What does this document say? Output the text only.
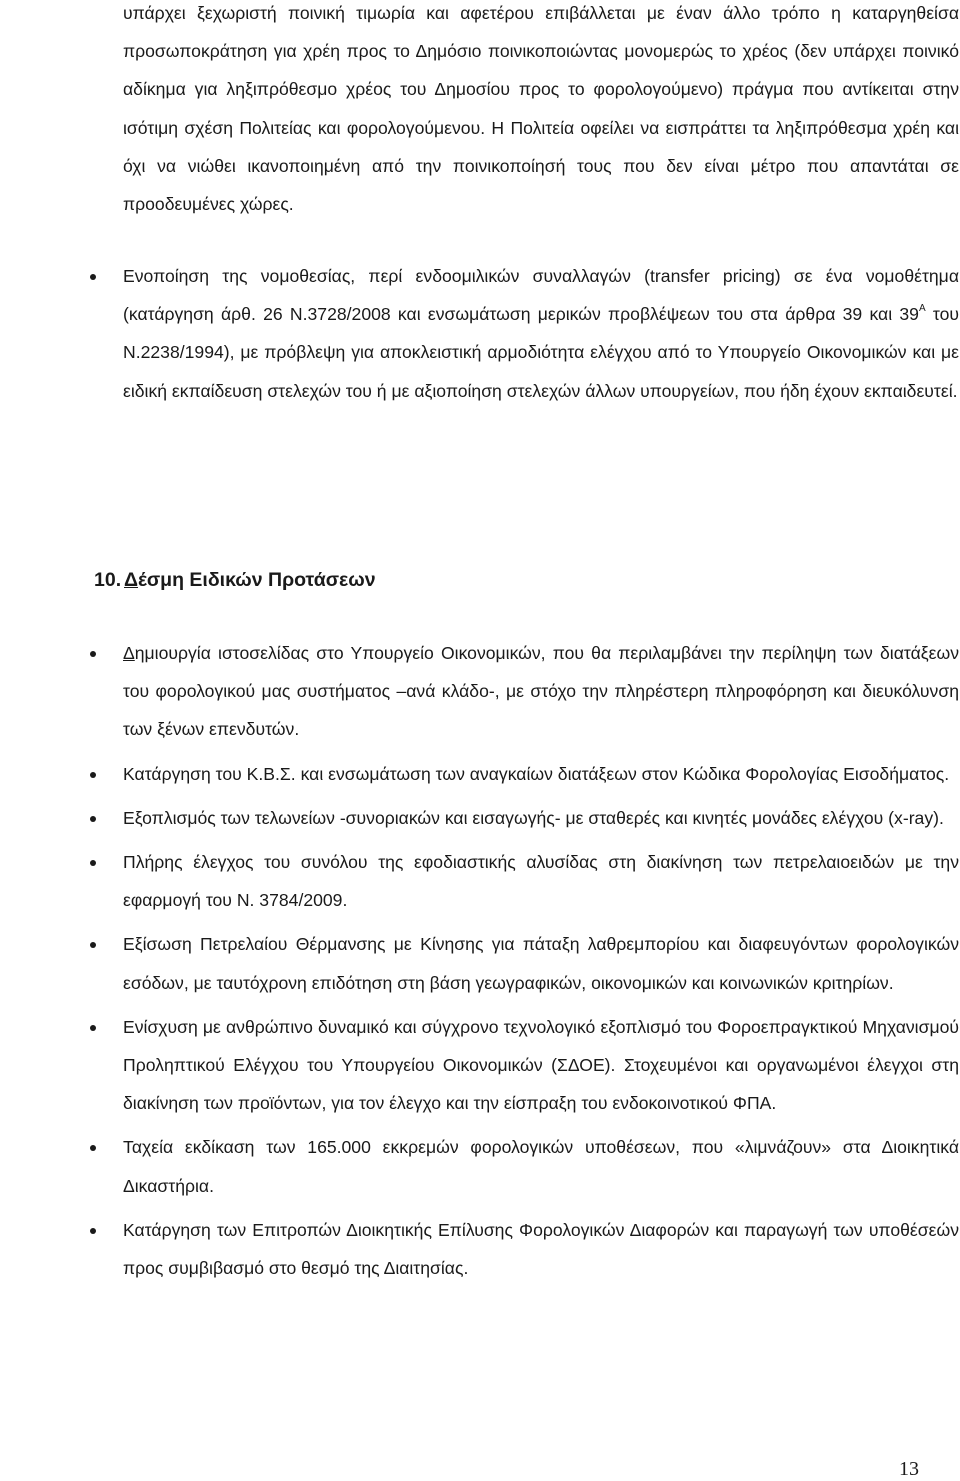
υπάρχει ξεχωριστή ποινική τιμωρία και αφετέρου επιβάλλεται με έναν άλλο τρόπο η καταργηθείσα προσωποκράτηση για χρέη προς το Δημόσιο ποινικοποιώντας μονομερώς το χρέος (δεν υπάρχει ποινικό αδίκημα για ληξιπρόθεσμο χρέος του Δημοσίου προς το φορολογούμενο) πράγμα που αντίκειται στην ισότιμη σχέση Πολιτείας και φορολογούμενου. Η Πολιτεία οφείλει να εισπράττει τα ληξιπρόθεσμα χρέη και όχι να νιώθει ικανοποιημένη από την ποινικοποίησή τους που δεν είναι μέτρο που απαντάται σε προοδευμένες χώρες.
Ενοποίηση της νομοθεσίας, περί ενδοομιλικών συναλλαγών (transfer pricing) σε ένα νομοθέτημα (κατάργηση άρθ. 26 Ν.3728/2008 και ενσωμάτωση μερικών προβλέψεων του στα άρθρα 39 και $39^A$ του Ν.2238/1994), με πρόβλεψη για αποκλειστική αρμοδιότητα ελέγχου από το Υπουργείο Οικονομικών και με ειδική εκπαίδευση στελεχών του ή με αξιοποίηση στελεχών άλλων υπουργείων, που ήδη έχουν εκπαιδευτεί.
10. Δέσμη Ειδικών Προτάσεων
Δημιουργία ιστοσελίδας στο Υπουργείο Οικονομικών, που θα περιλαμβάνει την περίληψη των διατάξεων του φορολογικού μας συστήματος –ανά κλάδο-, με στόχο την πληρέστερη πληροφόρηση και διευκόλυνση των ξένων επενδυτών.
Κατάργηση του Κ.Β.Σ. και ενσωμάτωση των αναγκαίων διατάξεων στον Κώδικα Φορολογίας Εισοδήματος.
Εξοπλισμός των τελωνείων -συνοριακών και εισαγωγής- με σταθερές και κινητές μονάδες ελέγχου (x-ray).
Πλήρης έλεγχος του συνόλου της εφοδιαστικής αλυσίδας στη διακίνηση των πετρελαιοειδών με την εφαρμογή του Ν. 3784/2009.
Εξίσωση Πετρελαίου Θέρμανσης με Κίνησης για πάταξη λαθρεμπορίου και διαφευγόντων φορολογικών εσόδων, με ταυτόχρονη επιδότηση στη βάση γεωγραφικών, οικονομικών και κοινωνικών κριτηρίων.
Ενίσχυση με ανθρώπινο δυναμικό και σύγχρονο τεχνολογικό εξοπλισμό του Φοροεπραγκτικού Μηχανισμού Προληπτικού Ελέγχου του Υπουργείου Οικονομικών (ΣΔΟΕ). Στοχευμένοι και οργανωμένοι έλεγχοι στη διακίνηση των προϊόντων, για τον έλεγχο και την είσπραξη του ενδοκοινοτικού ΦΠΑ.
Ταχεία εκδίκαση των 165.000 εκκρεμών φορολογικών υποθέσεων, που «λιμνάζουν» στα Διοικητικά Δικαστήρια.
Κατάργηση των Επιτροπών Διοικητικής Επίλυσης Φορολογικών Διαφορών και παραγωγή των υποθέσεών προς συμβιβασμό στο θεσμό της Διαιτησίας.
13
